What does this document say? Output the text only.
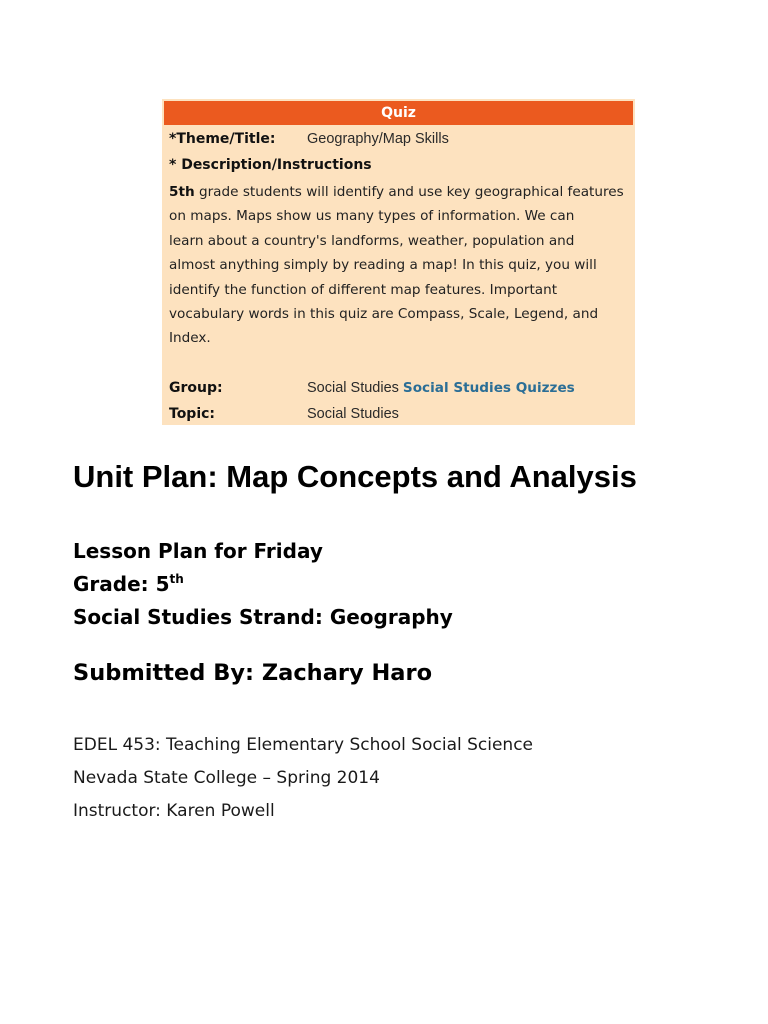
Quiz
*Theme/Title: Geography/Map Skills
* Description/Instructions
5th grade students will identify and use key geographical features
on maps. Maps show us many types of information. We can
learn about a country's landforms, weather, population and
almost anything simply by reading a map! In this quiz, you will
identify the function of different map features. Important
vocabulary words in this quiz are Compass, Scale, Legend, and
Index.
Group:	Social Studies Social Studies Quizzes
Topic:	Social Studies
Unit Plan: Map Concepts and Analysis
Lesson Plan for Friday
Grade: 5th
Social Studies Strand: Geography
Submitted By: Zachary Haro
EDEL 453: Teaching Elementary School Social Science
Nevada State College – Spring 2014
Instructor: Karen Powell
